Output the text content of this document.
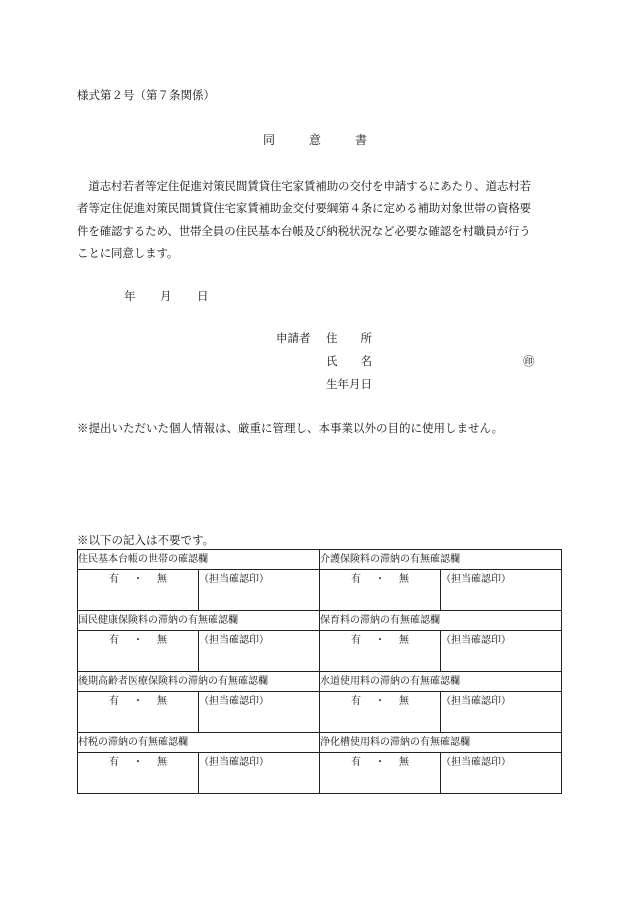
様式第２号（第７条関係）
同意書
　道志村若者等定住促進対策民間賃貸住宅家賃補助の交付を申請するにあたり、道志村若
者等定住促進対策民間賃貸住宅家賃補助金交付要綱第４条に定める補助対象世帯の資格要
件を確認するため、世帯全員の住民基本台帳及び納税状況など必要な確認を村職員が行う
ことに同意します。
年 月 日
申請者 住　　所
氏　　名
生年月日
㊞
※提出いただいた個人情報は、厳重に管理し、本事業以外の目的に使用しません。
※以下の記入は不要です。
住民基本台帳の世帯の確認欄		介護保険料の滞納の有無確認欄	
有 ・ 無	（担当確認印）	有 ・ 無	（担当確認印）
国民健康保険料の滞納の有無確認欄		保育料の滞納の有無確認欄	
有 ・ 無	（担当確認印）	有 ・ 無	（担当確認印）
後期高齢者医療保険料の滞納の有無確認欄		水道使用料の滞納の有無確認欄	
有 ・ 無	（担当確認印）	有 ・ 無	（担当確認印）
村税の滞納の有無確認欄		浄化槽使用料の滞納の有無確認欄	
有 ・ 無	（担当確認印）	有 ・ 無	（担当確認印）
